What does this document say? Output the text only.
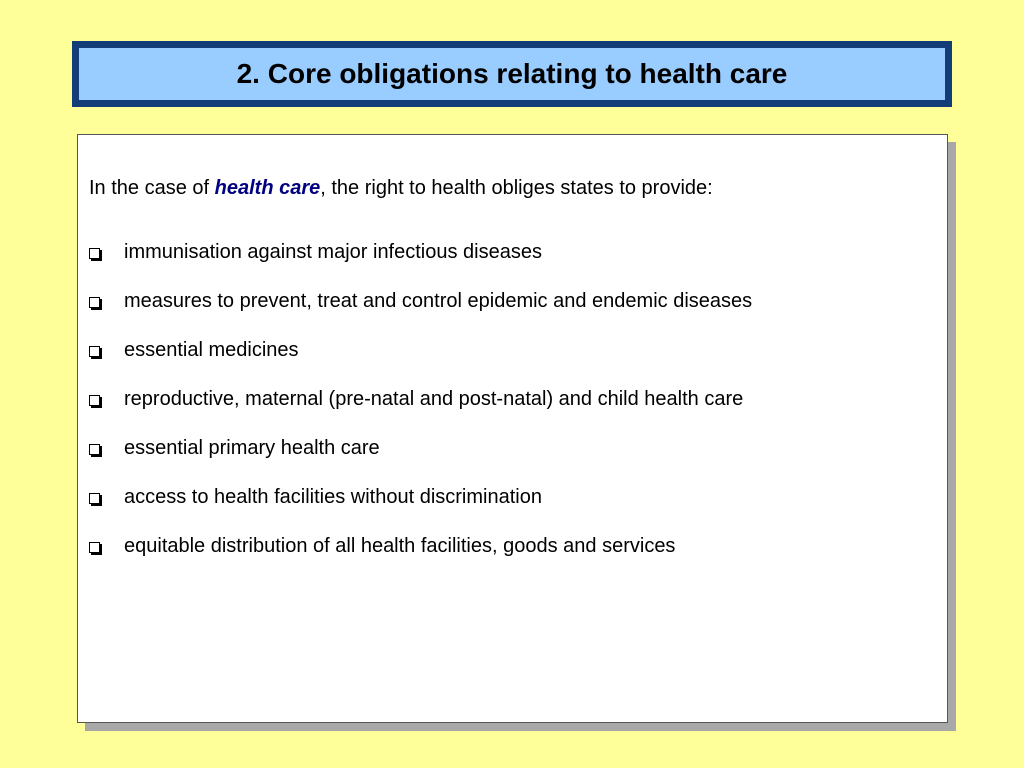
2. Core obligations relating to health care
In the case of health care, the right to health obliges states to provide:
immunisation against major infectious diseases
measures to prevent, treat and control epidemic and endemic diseases
essential medicines
reproductive, maternal (pre-natal and post-natal) and child health care
essential primary health care
access to health facilities without discrimination
equitable distribution of all health facilities, goods and services
